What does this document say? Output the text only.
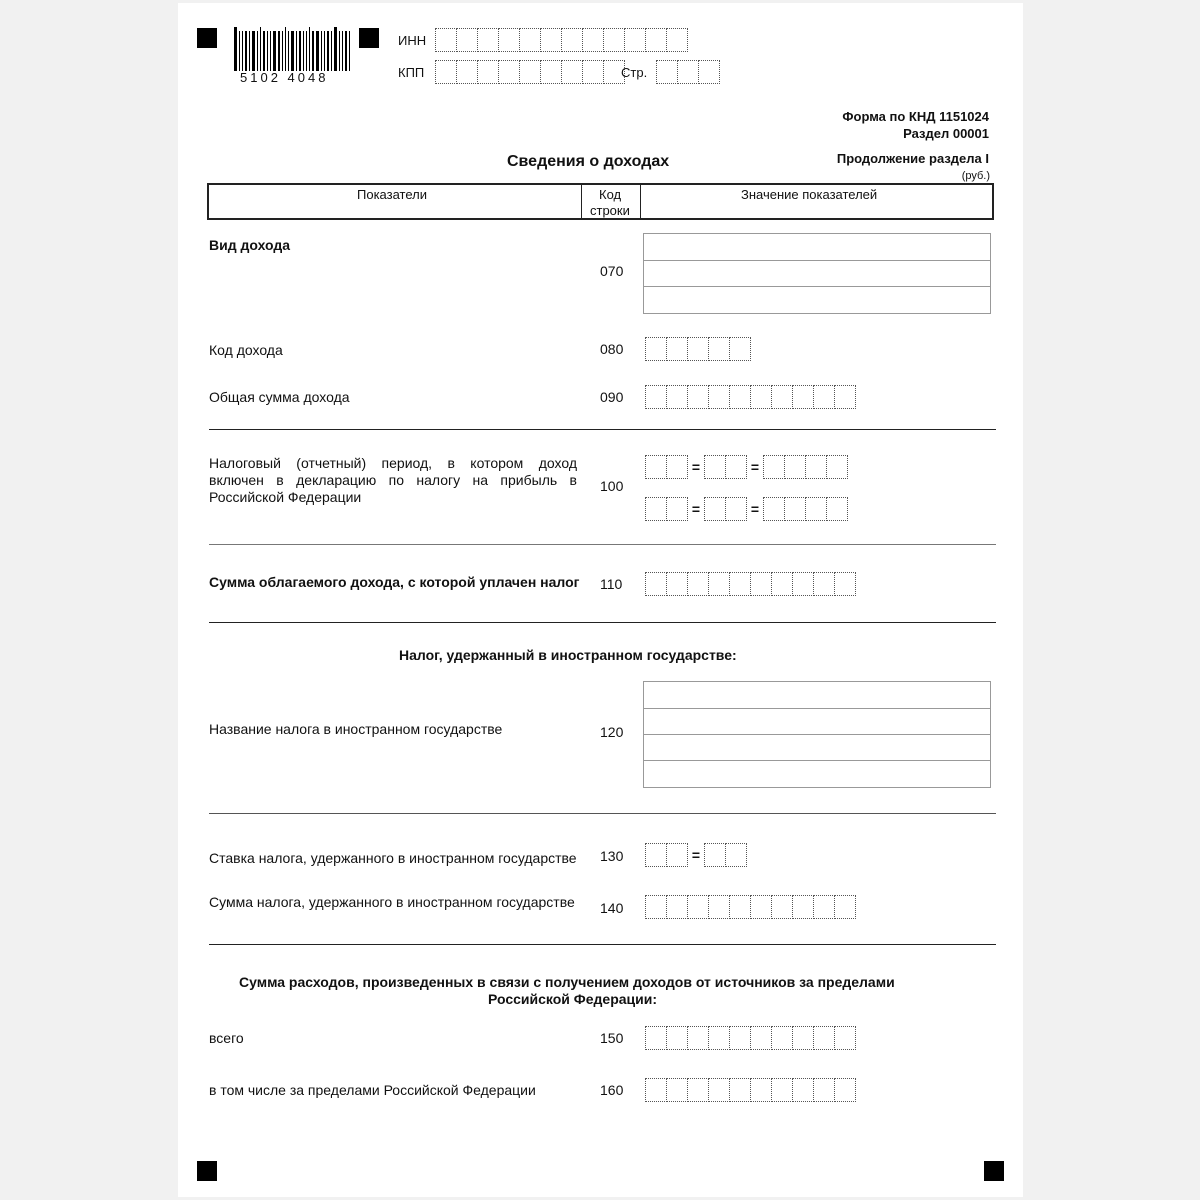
5102 4048
ИНН
КПП	Стр.
Форма по КНД 1151024
Раздел 00001
Сведения о доходах	Продолжение раздела I
(руб.)
Показатели	Код
строки
Значение показателей
Вид дохода
070
Код дохода	080
Общая сумма дохода	090
Налоговый (отчетный) период, в котором доход
включен в декларацию по налогу на прибыль в
Российской Федерации
100
=	=
=	=
Сумма облагаемого дохода, с которой уплачен налог 110
Налог, удержанный в иностранном государстве:
Название налога в иностранном государстве	120
Ставка налога, удержанного в иностранном государстве 130	=
Сумма налога, удержанного в иностранном государстве 140
Сумма расходов, произведенных в связи с получением доходов от источников за пределами
Российской Федерации:
всего	150
в том числе за пределами Российской Федерации	160
